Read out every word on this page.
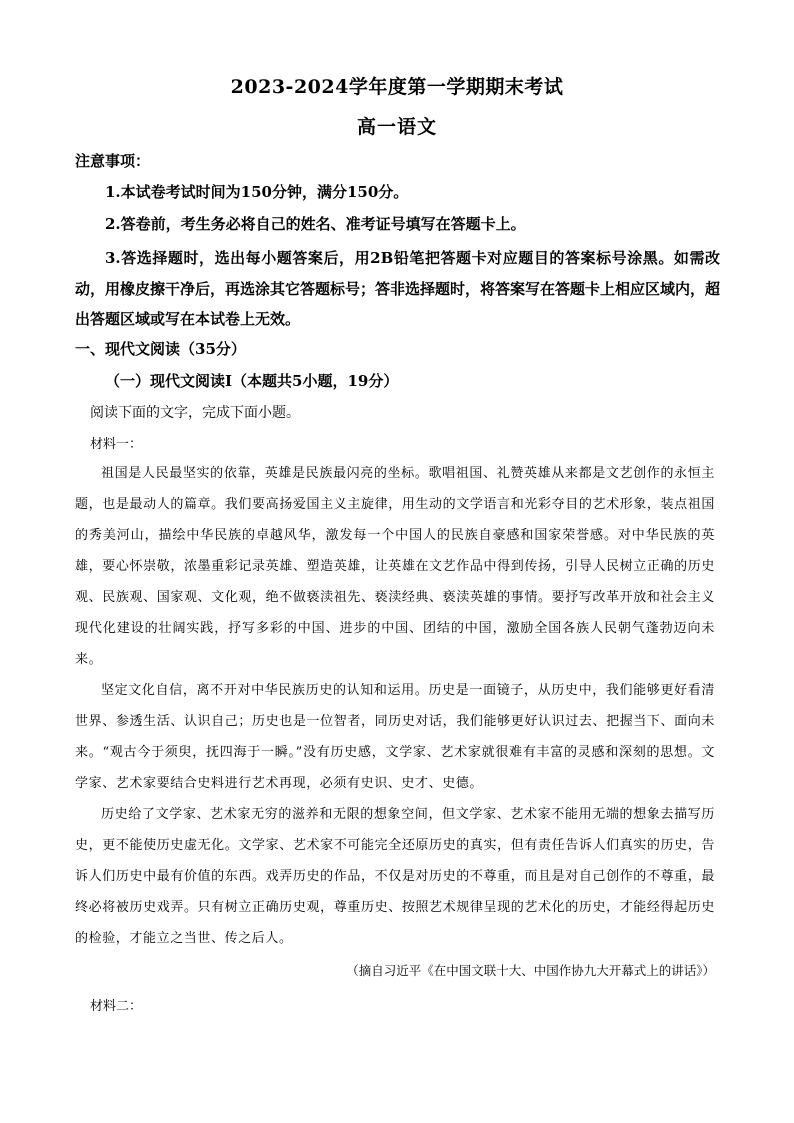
2023-2024学年度第一学期期末考试
高一语文
注意事项：
1.本试卷考试时间为150分钟，满分150分。
2.答卷前，考生务必将自己的姓名、准考证号填写在答题卡上。
3.答选择题时，选出每小题答案后，用2B铅笔把答题卡对应题目的答案标号涂黑。如需改动，用橡皮擦干净后，再选涂其它答题标号；答非选择题时，将答案写在答题卡上相应区域内，超出答题区域或写在本试卷上无效。
一、现代文阅读（35分）
（一）现代文阅读Ⅰ（本题共5小题，19分）
阅读下面的文字，完成下面小题。
材料一：
祖国是人民最坚实的依靠，英雄是民族最闪亮的坐标。歌唱祖国、礼赞英雄从来都是文艺创作的永恒主题，也是最动人的篇章。我们要高扬爱国主义主旋律，用生动的文学语言和光彩夺目的艺术形象，装点祖国的秀美河山，描绘中华民族的卓越风华，激发每一个中国人的民族自豪感和国家荣誉感。对中华民族的英雄，要心怀崇敬，浓墨重彩记录英雄、塑造英雄，让英雄在文艺作品中得到传扬，引导人民树立正确的历史观、民族观、国家观、文化观，绝不做亵渎祖先、亵渎经典、亵渎英雄的事情。要抒写改革开放和社会主义现代化建设的壮阔实践，抒写多彩的中国、进步的中国、团结的中国，激励全国各族人民朝气蓬勃迈向未来。
坚定文化自信，离不开对中华民族历史的认知和运用。历史是一面镜子，从历史中，我们能够更好看清世界、参透生活、认识自己；历史也是一位智者，同历史对话，我们能够更好认识过去、把握当下、面向未来。“观古今于须臾，抚四海于一瞬。”没有历史感，文学家、艺术家就很难有丰富的灵感和深刻的思想。文学家、艺术家要结合史料进行艺术再现，必须有史识、史才、史德。
历史给了文学家、艺术家无穷的滋养和无限的想象空间，但文学家、艺术家不能用无端的想象去描写历史，更不能使历史虚无化。文学家、艺术家不可能完全还原历史的真实，但有责任告诉人们真实的历史，告诉人们历史中最有价值的东西。戏弄历史的作品，不仅是对历史的不尊重，而且是对自己创作的不尊重，最终必将被历史戏弄。只有树立正确历史观，尊重历史、按照艺术规律呈现的艺术化的历史，才能经得起历史的检验，才能立之当世、传之后人。
（摘自习近平《在中国文联十大、中国作协九大开幕式上的讲话》）
材料二：
